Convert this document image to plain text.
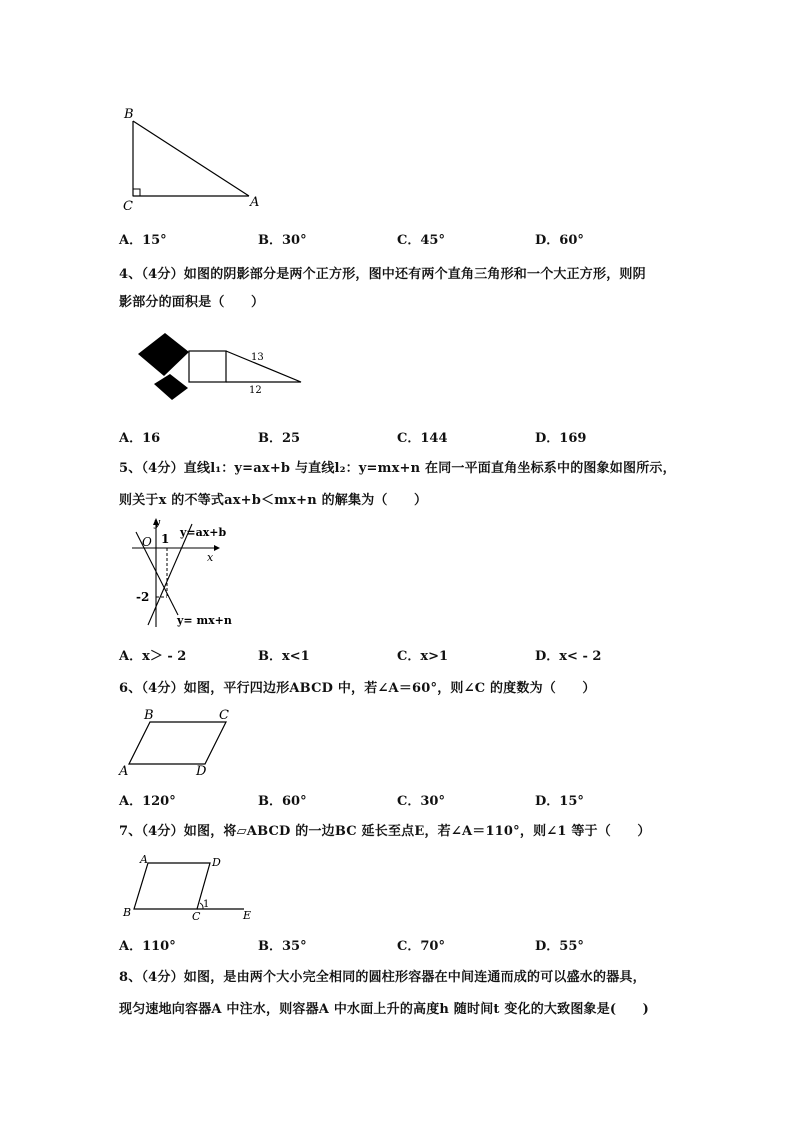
B
C	A
A．15°	B．30°	C．45°	D．60°
4、（4分）如图的阴影部分是两个正方形，图中还有两个直角三角形和一个大正方形，则阴
影部分的面积是（　　）
13
12
A．16	B．25	C．144	D．169
5、（4分）直线l₁：y=ax+b 与直线l₂：y=mx+n 在同一平面直角坐标系中的图象如图所示，
则关于x 的不等式ax+b＜mx+n 的解集为（　　）
y
x
O 1
-2
y=ax+b
y= mx+n
A．x＞ - 2	B．x<1	C．x>1	D．x< - 2
6、（4分）如图，平行四边形ABCD 中，若∠A＝60°，则∠C 的度数为（　　）
B	C
A	D
A．120°	B．60°	C．30°	D．15°
7、（4分）如图，将▱ABCD 的一边BC 延长至点E，若∠A＝110°，则∠1 等于（　　）
A	D
B	C	E
1
A．110°	B．35°	C．70°	D．55°
8、（4分）如图，是由两个大小完全相同的圆柱形容器在中间连通而成的可以盛水的器具，
现匀速地向容器A 中注水，则容器A 中水面上升的高度h 随时间t 变化的大致图象是(　　)
